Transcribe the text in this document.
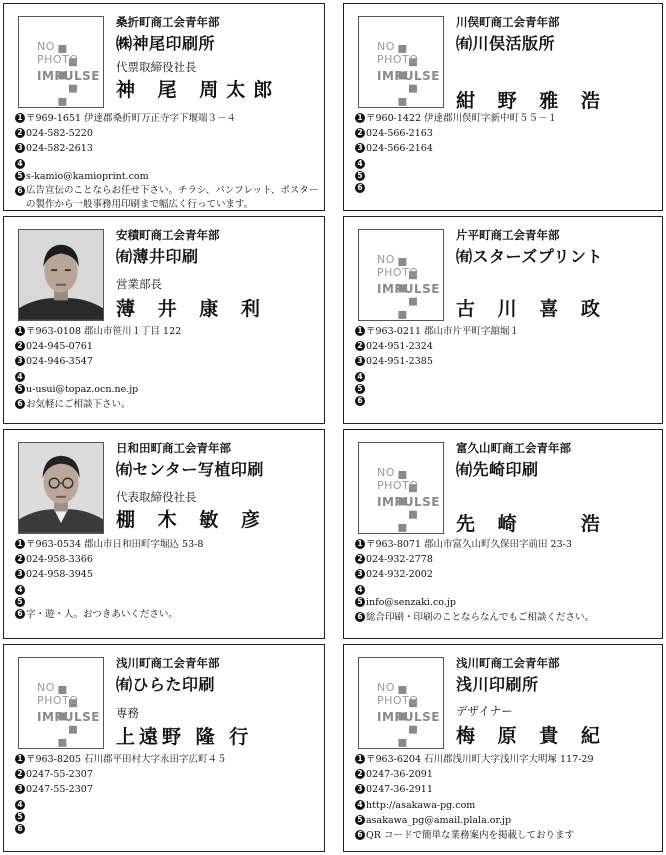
NO
PHOTO
IMPULSE
桑折町商工会青年部
㈱神尾印刷所
代票取締役社長
神 尾 周太郎
1 〒969-1651 伊達郡桑折町万正寺字下堰端３－４
2 024-582-5220
3 024-582-2613
4
5 s-kamio@kamioprint.com
6 広告宣伝のことならお任せ下さい。チラシ、パンフレット、ポスターの製作から一般事務用印刷まで幅広く行っています。
NO
PHOTO
IMPULSE
川俣町商工会青年部
㈲川俣活版所
紺 野 雅 浩
1 〒960-1422 伊達郡川俣町字新中町５５－１
2 024-566-2163
3 024-566-2164
4
5
6
安積町商工会青年部
㈲薄井印刷
営業部長
薄 井 康 利
1 〒963-0108 郡山市笹川１丁目 122
2 024-945-0761
3 024-946-3547
4
5 u-usui@topaz.ocn.ne.jp
6 お気軽にご相談下さい。
NO
PHOTO
IMPULSE
片平町商工会青年部
㈲スターズプリント
古 川 喜 政
1 〒963-0211 郡山市片平町字舘堀１
2 024-951-2324
3 024-951-2385
4
5
6
日和田町商工会青年部
㈲センター写植印刷
代表取締役社長
棚 木 敏 彦
1 〒963-0534 郡山市日和田町字堀込 53-8
2 024-958-3366
3 024-958-3945
4
5
6 字・遊・人。おつきあいください。
NO
PHOTO
IMPULSE
富久山町商工会青年部
㈲先崎印刷
先 崎 　 浩
1 〒963-8071 郡山市富久山町久保田字前田 23-3
2 024-932-2778
3 024-932-2002
4
5 info@senzaki.co.jp
6 総合印刷・印刷のことならなんでもご相談ください。
NO
PHOTO
IMPULSE
浅川町商工会青年部
㈲ひらた印刷
専務
上遠野 隆 行
1 〒963-8205 石川郡平田村大字永田字広町４５
2 0247-55-2307
3 0247-55-2307
4
5
6
NO
PHOTO
IMPULSE
浅川町商工会青年部
浅川印刷所
デザイナー
梅 原 貴 紀
1 〒963-6204 石川郡浅川町大字浅川字大明塚 117-29
2 0247-36-2091
3 0247-36-2911
4 http://asakawa-pg.com
5 asakawa_pg@amail.plala.or.jp
6 QR コードで簡単な業務案内を掲載しております
